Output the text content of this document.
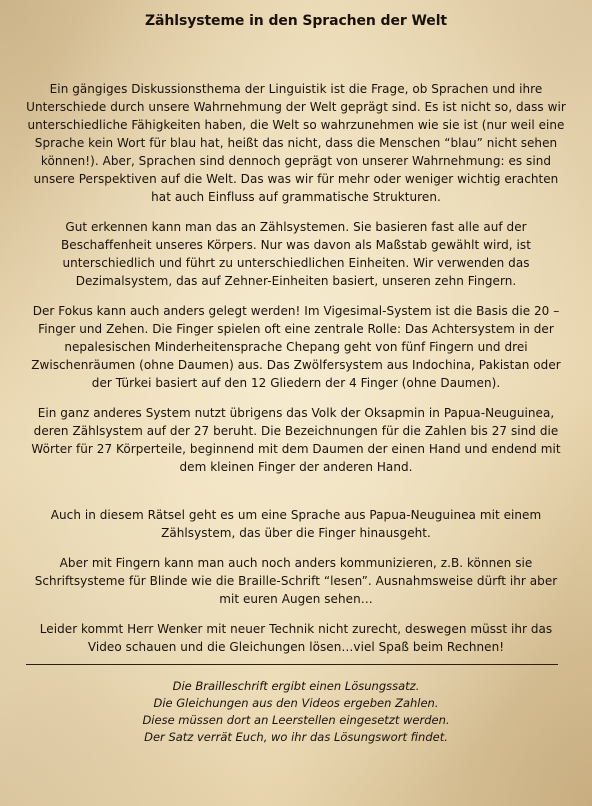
Zählsysteme in den Sprachen der Welt

Ein gängiges Diskussionsthema der Linguistik ist die Frage, ob Sprachen und ihre Unterschiede durch unsere Wahrnehmung der Welt geprägt sind. Es ist nicht so, dass wir unterschiedliche Fähigkeiten haben, die Welt so wahrzunehmen wie sie ist (nur weil eine Sprache kein Wort für blau hat, heißt das nicht, dass die Menschen “blau” nicht sehen können!). Aber, Sprachen sind dennoch geprägt von unserer Wahrnehmung: es sind unsere Perspektiven auf die Welt. Das was wir für mehr oder weniger wichtig erachten hat auch Einfluss auf grammatische Strukturen.

Gut erkennen kann man das an Zählsystemen. Sie basieren fast alle auf der Beschaffenheit unseres Körpers. Nur was davon als Maßstab gewählt wird, ist unterschiedlich und führt zu unterschiedlichen Einheiten. Wir verwenden das Dezimalsystem, das auf Zehner-Einheiten basiert, unseren zehn Fingern.

Der Fokus kann auch anders gelegt werden! Im Vigesimal-System ist die Basis die 20 – Finger und Zehen. Die Finger spielen oft eine zentrale Rolle: Das Achtersystem in der nepalesischen Minderheitensprache Chepang geht von fünf Fingern und drei Zwischenräumen (ohne Daumen) aus. Das Zwölfersystem aus Indochina, Pakistan oder der Türkei basiert auf den 12 Gliedern der 4 Finger (ohne Daumen).

Ein ganz anderes System nutzt übrigens das Volk der Oksapmin in Papua-Neuguinea, deren Zählsystem auf der 27 beruht. Die Bezeichnungen für die Zahlen bis 27 sind die Wörter für 27 Körperteile, beginnend mit dem Daumen der einen Hand und endend mit dem kleinen Finger der anderen Hand.

Auch in diesem Rätsel geht es um eine Sprache aus Papua-Neuguinea mit einem Zählsystem, das über die Finger hinausgeht.

Aber mit Fingern kann man auch noch anders kommunizieren, z.B. können sie Schriftsysteme für Blinde wie die Braille-Schrift “lesen”. Ausnahmsweise dürft ihr aber mit euren Augen sehen…

Leider kommt Herr Wenker mit neuer Technik nicht zurecht, deswegen müsst ihr das Video schauen und die Gleichungen lösen…viel Spaß beim Rechnen!

Die Brailleschrift ergibt einen Lösungssatz.

Die Gleichungen aus den Videos ergeben Zahlen.

Diese müssen dort an Leerstellen eingesetzt werden.

Der Satz verrät Euch, wo ihr das Lösungswort findet.
